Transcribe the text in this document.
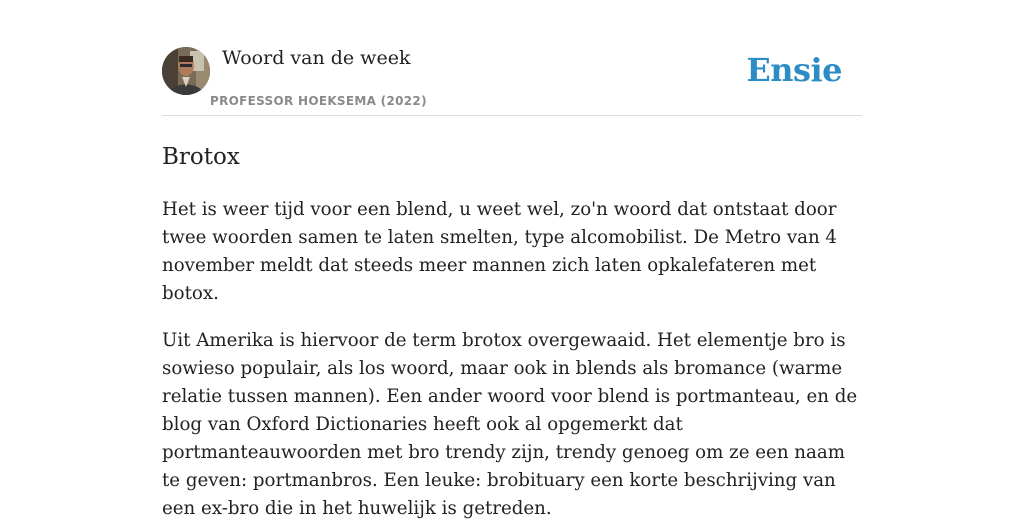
Woord van de week
PROFESSOR HOEKSEMA (2022)
Ensie
Brotox

Het is weer tijd voor een blend, u weet wel, zo'n woord dat ontstaat door twee woorden samen te laten smelten, type alcomobilist. De Metro van 4 november meldt dat steeds meer mannen zich laten opkalefateren met botox.

Uit Amerika is hiervoor de term brotox overgewaaid. Het elementje bro is sowieso populair, als los woord, maar ook in blends als bromance (warme relatie tussen mannen). Een ander woord voor blend is portmanteau, en de blog van Oxford Dictionaries heeft ook al opgemerkt dat portmanteauwoorden met bro trendy zijn, trendy genoeg om ze een naam te geven: portmanbros. Een leuke: brobituary een korte beschrijving van een ex-bro die in het huwelijk is getreden.
